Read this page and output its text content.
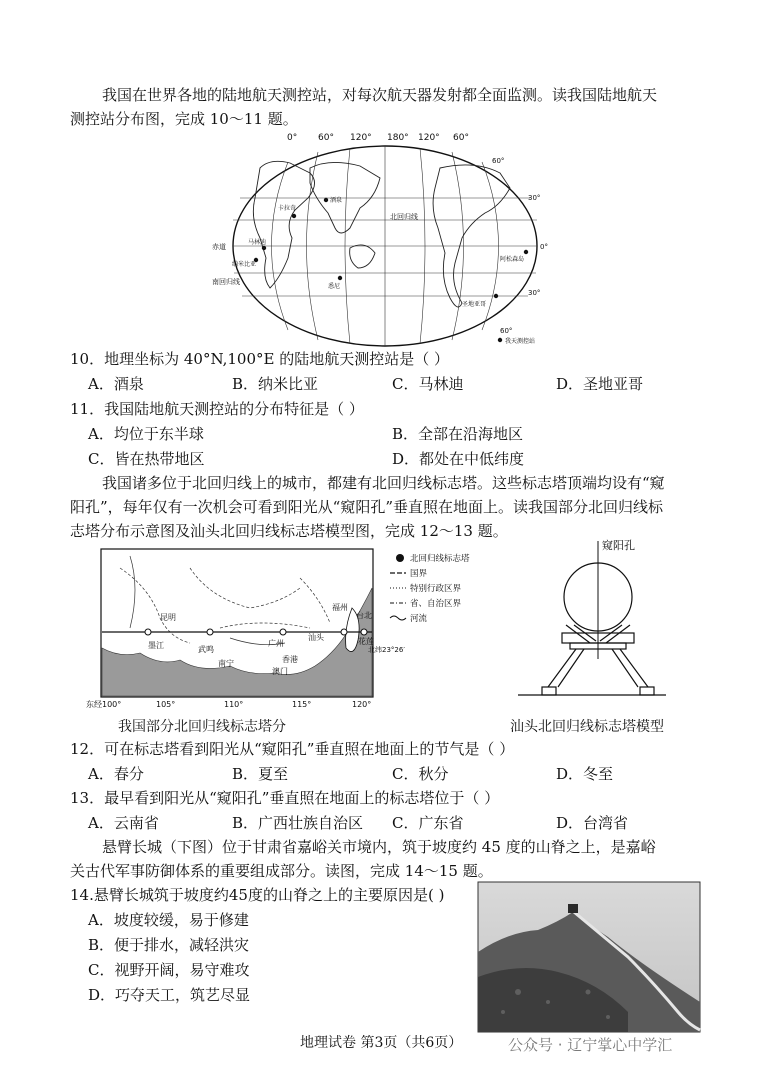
我国在世界各地的陆地航天测控站，对每次航天器发射都全面监测。读我国陆地航天
测控站分布图，完成 10～11 题。
0° 60° 120° 180° 120° 60°
60°
30°
0°
30°
60°
北回归线
赤道
南回归线
酒泉
卡拉奇
马林迪
纳米比亚
悉尼
圣地亚哥
阿松森岛
我天测控站
10．地理坐标为 40°N,100°E 的陆地航天测控站是（ ）
A．酒泉	B．纳米比亚	C．马林迪	D．圣地亚哥
11．我国陆地航天测控站的分布特征是（ ）
A．均位于东半球	B．全部在沿海地区
C．皆在热带地区	D．都处在中低纬度
我国诸多位于北回归线上的城市，都建有北回归线标志塔。这些标志塔顶端均设有“窥
阳孔”，每年仅有一次机会可看到阳光从“窥阳孔”垂直照在地面上。读我国部分北回归线标
志塔分布示意图及汕头北回归线标志塔模型图，完成 12～13 题。
昆明
墨江	武鸣
南宁
广州
汕头
福州
台北
花莲
香港
澳门
北纬23°26′
东经100°	105°	110°	115°	120°
北回归线标志塔
国界
特别行政区界
省、自治区界
河流
我国部分北回归线标志塔分
窥阳孔
汕头北回归线标志塔模型
12．可在标志塔看到阳光从“窥阳孔”垂直照在地面上的节气是（ ）
A．春分	B．夏至	C．秋分	D．冬至
13．最早看到阳光从“窥阳孔”垂直照在地面上的标志塔位于（ ）
A．云南省	B．广西壮族自治区 C．广东省	D．台湾省
悬臂长城（下图）位于甘肃省嘉峪关市境内，筑于坡度约 45 度的山脊之上，是嘉峪
关古代军事防御体系的重要组成部分。读图，完成 14～15 题。
14.悬臂长城筑于坡度约45度的山脊之上的主要原因是( )
A．坡度较缓，易于修建
B．便于排水，减轻洪灾
C．视野开阔，易守难攻
D．巧夺天工，筑艺尽显
地理试卷 第3页（共6页）	公众号 · 辽宁掌心中学汇
